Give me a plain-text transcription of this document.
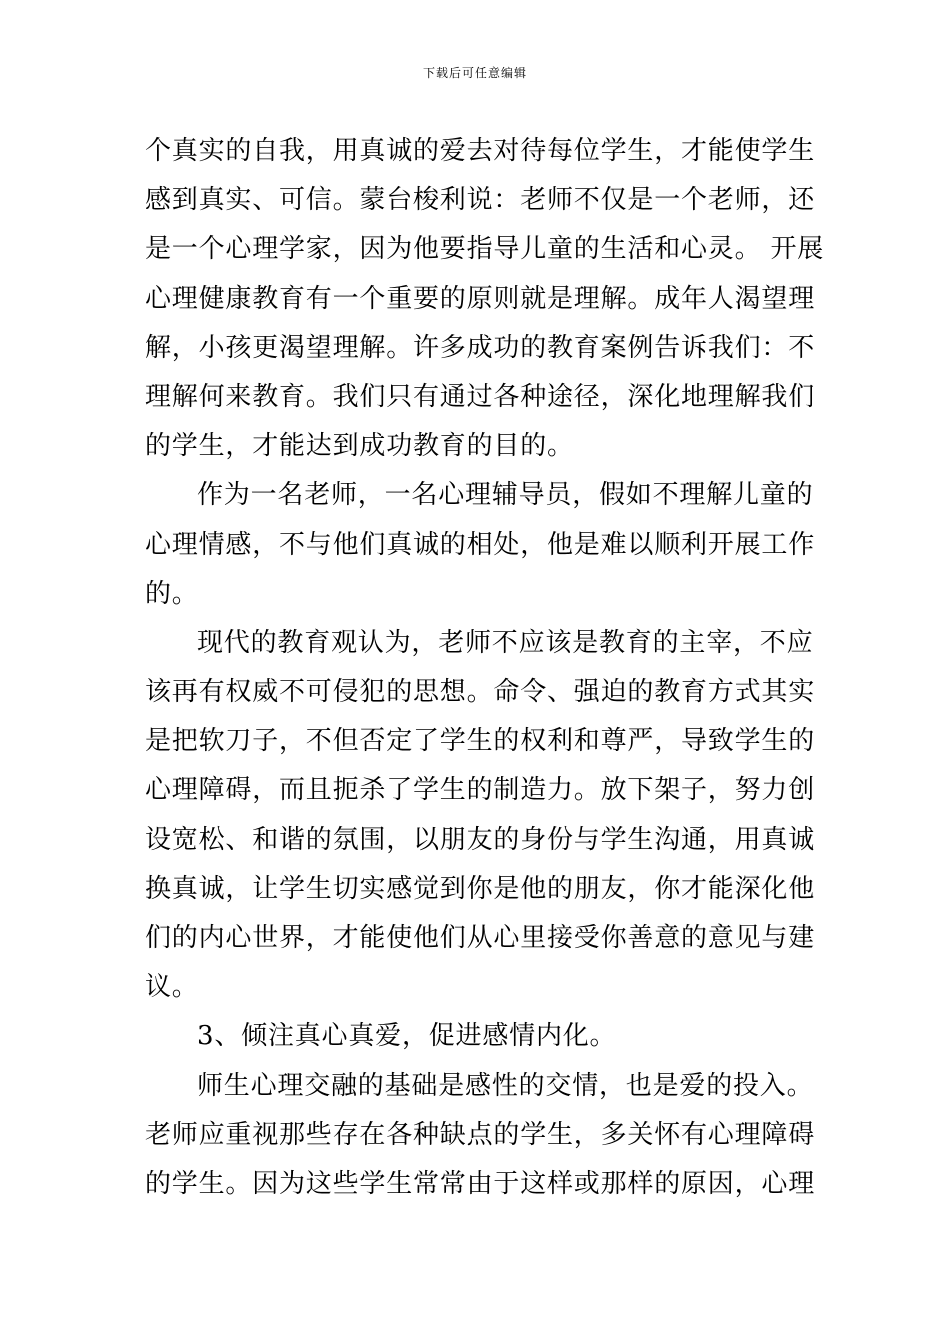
下载后可任意编辑
个真实的自我，用真诚的爱去对待每位学生，才能使学生
感到真实、可信。蒙台梭利说：老师不仅是一个老师，还
是一个心理学家，因为他要指导儿童的生活和心灵。 开展
心理健康教育有一个重要的原则就是理解。成年人渴望理
解，小孩更渴望理解。许多成功的教育案例告诉我们：不
理解何来教育。我们只有通过各种途径，深化地理解我们
的学生，才能达到成功教育的目的。
作为一名老师，一名心理辅导员，假如不理解儿童的
心理情感，不与他们真诚的相处，他是难以顺利开展工作
的。
现代的教育观认为，老师不应该是教育的主宰，不应
该再有权威不可侵犯的思想。命令、强迫的教育方式其实
是把软刀子，不但否定了学生的权利和尊严，导致学生的
心理障碍，而且扼杀了学生的制造力。放下架子，努力创
设宽松、和谐的氛围，以朋友的身份与学生沟通，用真诚
换真诚，让学生切实感觉到你是他的朋友，你才能深化他
们的内心世界，才能使他们从心里接受你善意的意见与建
议。
3、倾注真心真爱，促进感情内化。
师生心理交融的基础是感性的交情，也是爱的投入。
老师应重视那些存在各种缺点的学生，多关怀有心理障碍
的学生。因为这些学生常常由于这样或那样的原因，心理
